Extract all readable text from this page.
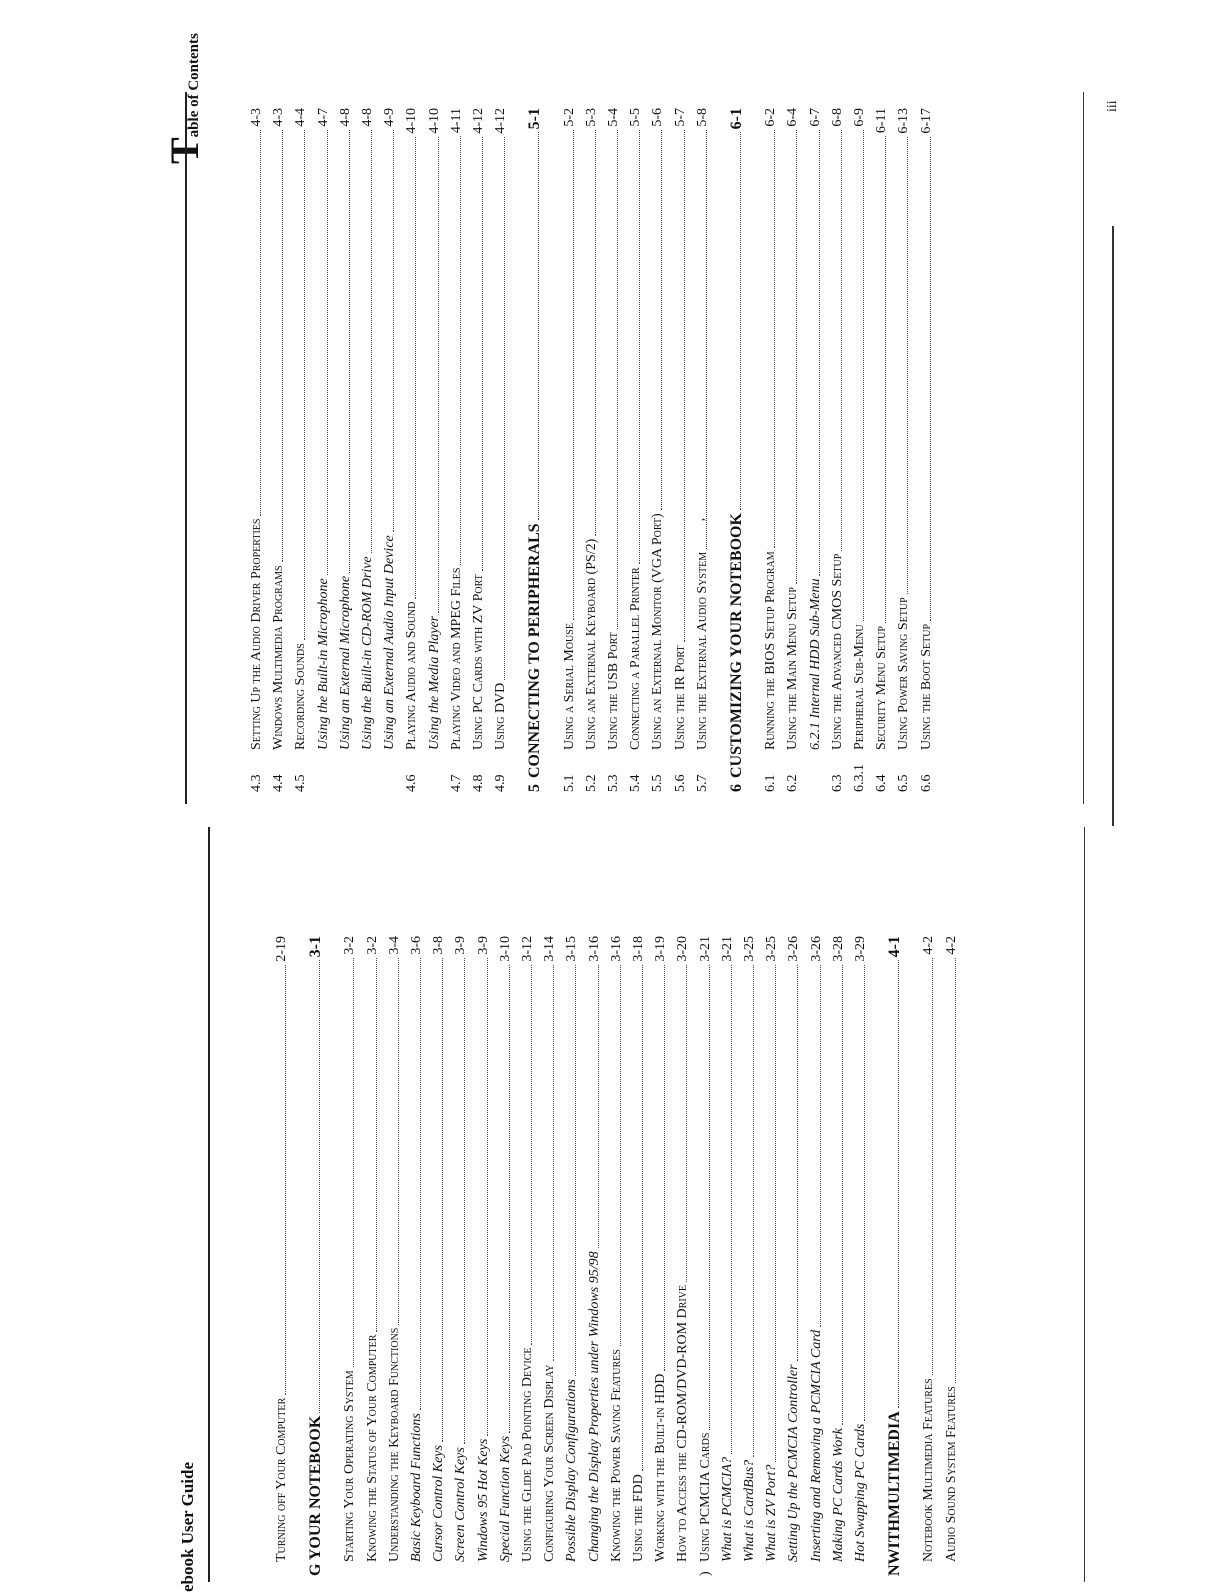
ebook User Guide	Turning off Your Computer
2-19
G YOUR NOTEBOOK
3-1
Starting Your Operating System
3-2
Knowing the Status of Your Computer
3-2
Understanding the Keyboard Functions
3-4
Basic Keyboard Functions
3-6
Cursor Control Keys
3-8
Screen Control Keys
3-9
Windows 95 Hot Keys
3-9
Special Function Keys
3-10
Using the Glide Pad Pointing Device
3-12
Configuring Your Screen Display
3-14
Possible Display Configurations
3-15
Changing the Display Properties under Windows 95/98
3-16
Knowing the Power Saving Features
3-16
Using the FDD
3-18
Working with the Built-in HDD
3-19
How to Access the CD-ROM/DVD-ROM Drive
3-20
)
Using PCMCIA Cards
3-21
What is PCMCIA?
3-21
What is CardBus?
3-25
What is ZV Port?
3-25
Setting Up the PCMCIA Controller
3-26
Inserting and Removing a PCMCIA Card
3-26
Making PC Cards Work
3-28
Hot Swapping PC Cards
3-29
NWITHMULTIMEDIA
4-1
Notebook Multimedia Features
4-2
Audio Sound System Features
4-2
’
Table of Contents
4.3
Setting Up the Audio Driver Properties
4-3
4.4
Windows Multimedia Programs
4-3
4.5
Recording Sounds
4-4
Using the Built-in Microphone
4-7
Using an External Microphone
4-8
Using the Built-in CD-ROM Drive
4-8
Using an External Audio Input Device
4-9
4.6
Playing Audio and Sound
4-10
Using the Media Player
4-10
4.7
Playing Video and MPEG Files
4-11
4.8
Using PC Cards with ZV Port
4-12
4.9
Using DVD
4-12
5
CONNECTING TO PERIPHERALS
5-1
5.1
Using a Serial Mouse
5-2
5.2
Using an External Keyboard (PS/2)
5-3
5.3
Using the USB Port
5-4
5.4
Connecting a Parallel Printer
5-5
5.5
Using an External Monitor (VGA Port)
5-6
5.6
Using the IR Port
5-7
5.7
Using the External Audio System
5-8
6
CUSTOMIZING YOUR NOTEBOOK
6-1
6.1
Running the BIOS Setup Program
6-2
6.2
Using the Main Menu Setup
6-4
6.2.1 Internal HDD Sub-Menu
6-7
6.3
Using the Advanced CMOS Setup
6-8
6.3.1
Peripheral Sub-Menu
6-9
6.4
Security Menu Setup
6-11
6.5
Using Power Saving Setup
6-13
6.6
Using the Boot Setup
6-17
iii
